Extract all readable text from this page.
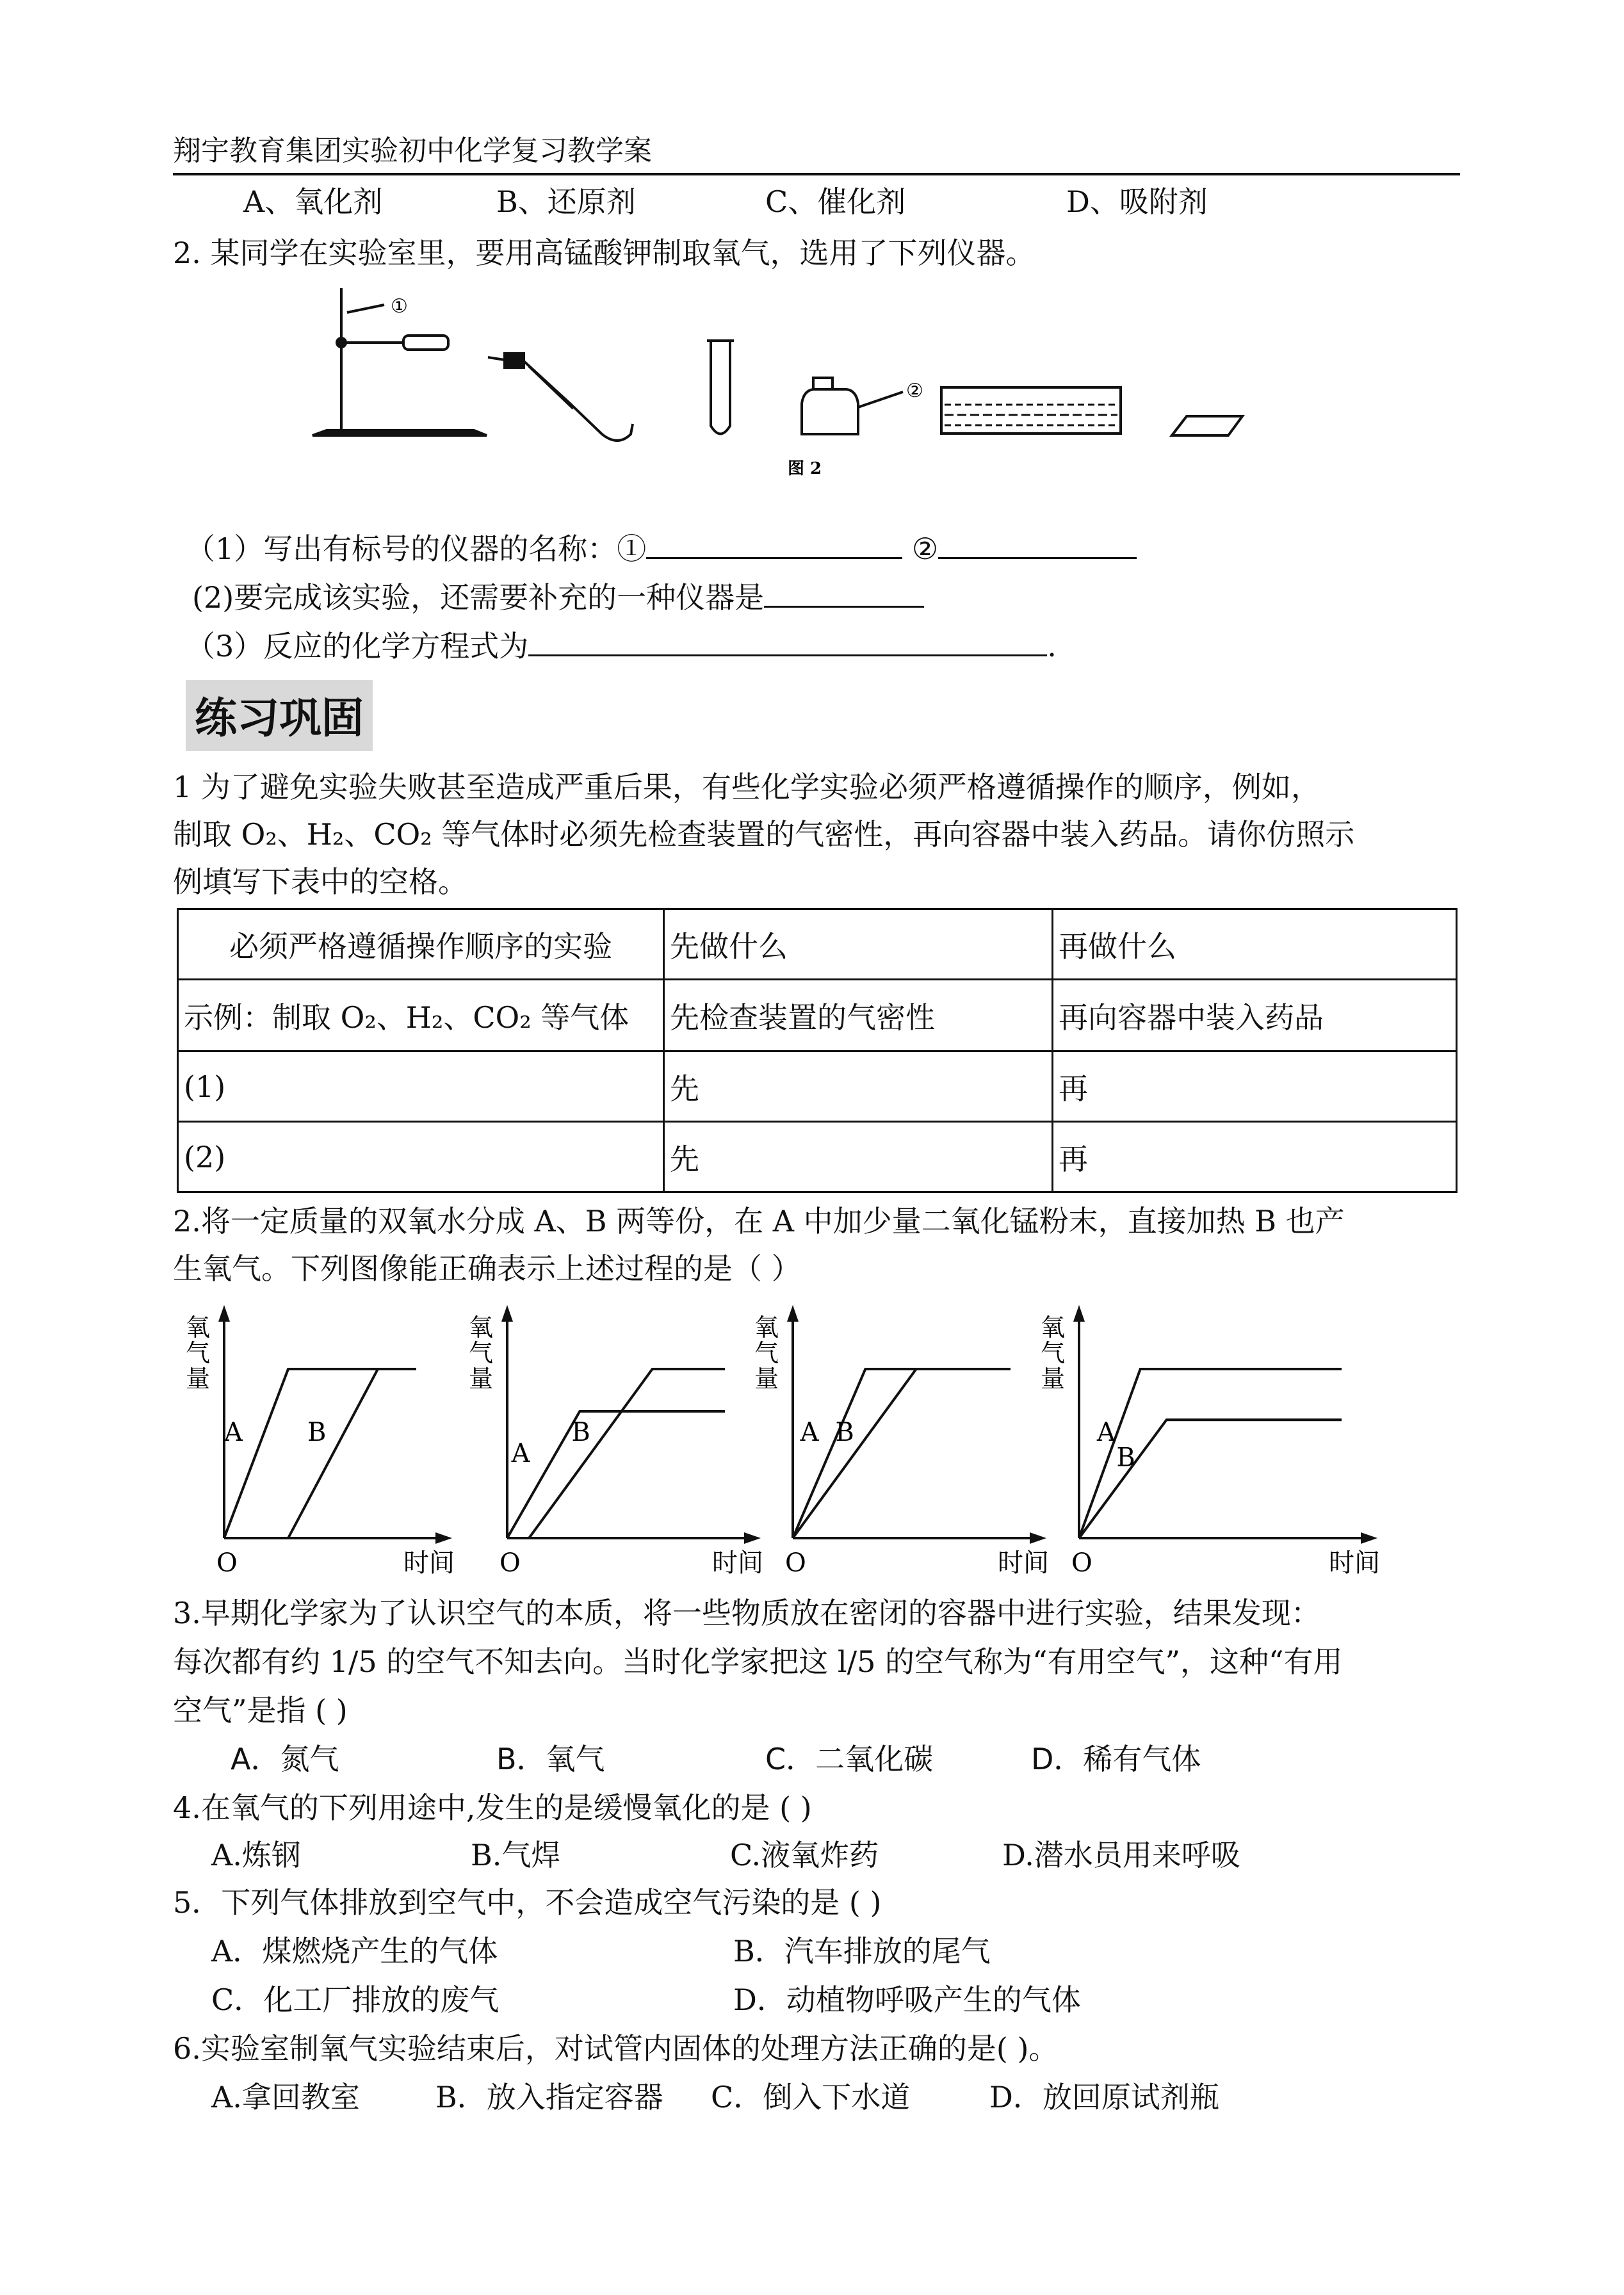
翔宇教育集团实验初中化学复习教学案
A、氧化剂	B、还原剂	C、催化剂	D、吸附剂
2. 某同学在实验室里，要用高锰酸钾制取氧气，选用了下列仪器。
①
②
图 2
（1）写出有标号的仪器的名称：①	②
(2)要完成该实验，还需要补充的一种仪器是
（3）反应的化学方程式为	.
练习巩固
1 为了避免实验失败甚至造成严重后果，有些化学实验必须严格遵循操作的顺序，例如，
制取 O₂、H₂、CO₂ 等气体时必须先检查装置的气密性，再向容器中装入药品。请你仿照示
例填写下表中的空格。
必须严格遵循操作顺序的实验	先做什么	再做什么
示例：制取 O₂、H₂、CO₂ 等气体	先检查装置的气密性	再向容器中装入药品
(1)	先	再
(2)	先	再
2.将一定质量的双氧水分成 A、B 两等份，在 A 中加少量二氧化锰粉末，直接加热 B 也产
生氧气。下列图像能正确表示上述过程的是（ ）
氧
气
量
时间
O
A	B
氧
气
量
时间
O
A
B
氧
气
量
时间
O
A B
氧
气
量
时间
O
A
B
3.早期化学家为了认识空气的本质，将一些物质放在密闭的容器中进行实验，结果发现：
每次都有约 1/5 的空气不知去向。当时化学家把这 l/5 的空气称为“有用空气”，这种“有用
空气”是指 ( )
A．氮气	B．氧气	C．二氧化碳	D．稀有气体
4.在氧气的下列用途中,发生的是缓慢氧化的是 ( )
A.炼钢	B.气焊	C.液氧炸药	D.潜水员用来呼吸
5．下列气体排放到空气中，不会造成空气污染的是 ( )
A．煤燃烧产生的气体	B．汽车排放的尾气
C．化工厂排放的废气	D．动植物呼吸产生的气体
6.实验室制氧气实验结束后，对试管内固体的处理方法正确的是( )。
A.拿回教室	B．放入指定容器 C．倒入下水道	D．放回原试剂瓶
